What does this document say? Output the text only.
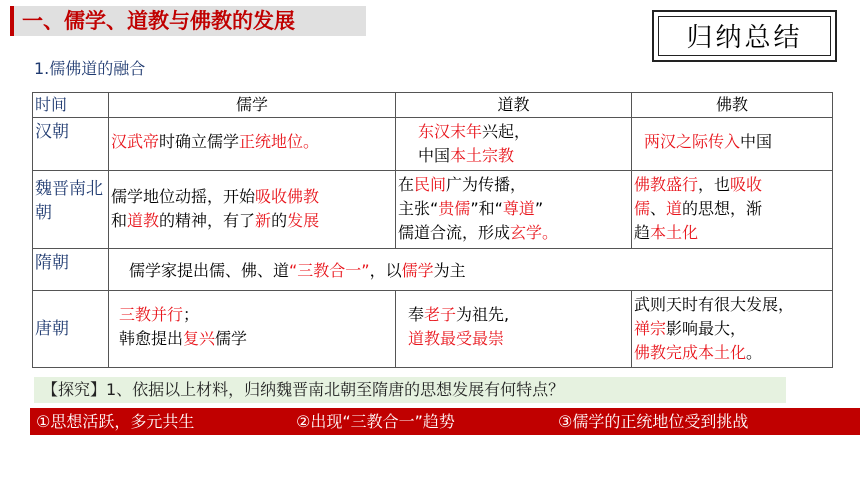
一、儒学、道教与佛教的发展
归纳总结
1.儒佛道的融合
时间	儒学	道教	佛教
汉朝	汉武帝时确立儒学正统地位。	东汉末年兴起，
中国本土宗教	两汉之际传入中国
魏晋南北朝	儒学地位动摇，开始吸收佛教
和道教的精神，有了新的发展	在民间广为传播，
主张“贵儒”和“尊道”
儒道合流，形成玄学。	佛教盛行，也吸收
儒、道的思想，渐
趋本土化
隋朝	儒学家提出儒、佛、道“三教合一”，以儒学为主		
唐朝	三教并行；
韩愈提出复兴儒学	奉老子为祖先,
道教最受最崇	武则天时有很大发展，
禅宗影响最大，
佛教完成本土化。
【探究】1、依据以上材料，归纳魏晋南北朝至隋唐的思想发展有何特点？
①思想活跃，多元共生	②出现“三教合一”趋势	③儒学的正统地位受到挑战
